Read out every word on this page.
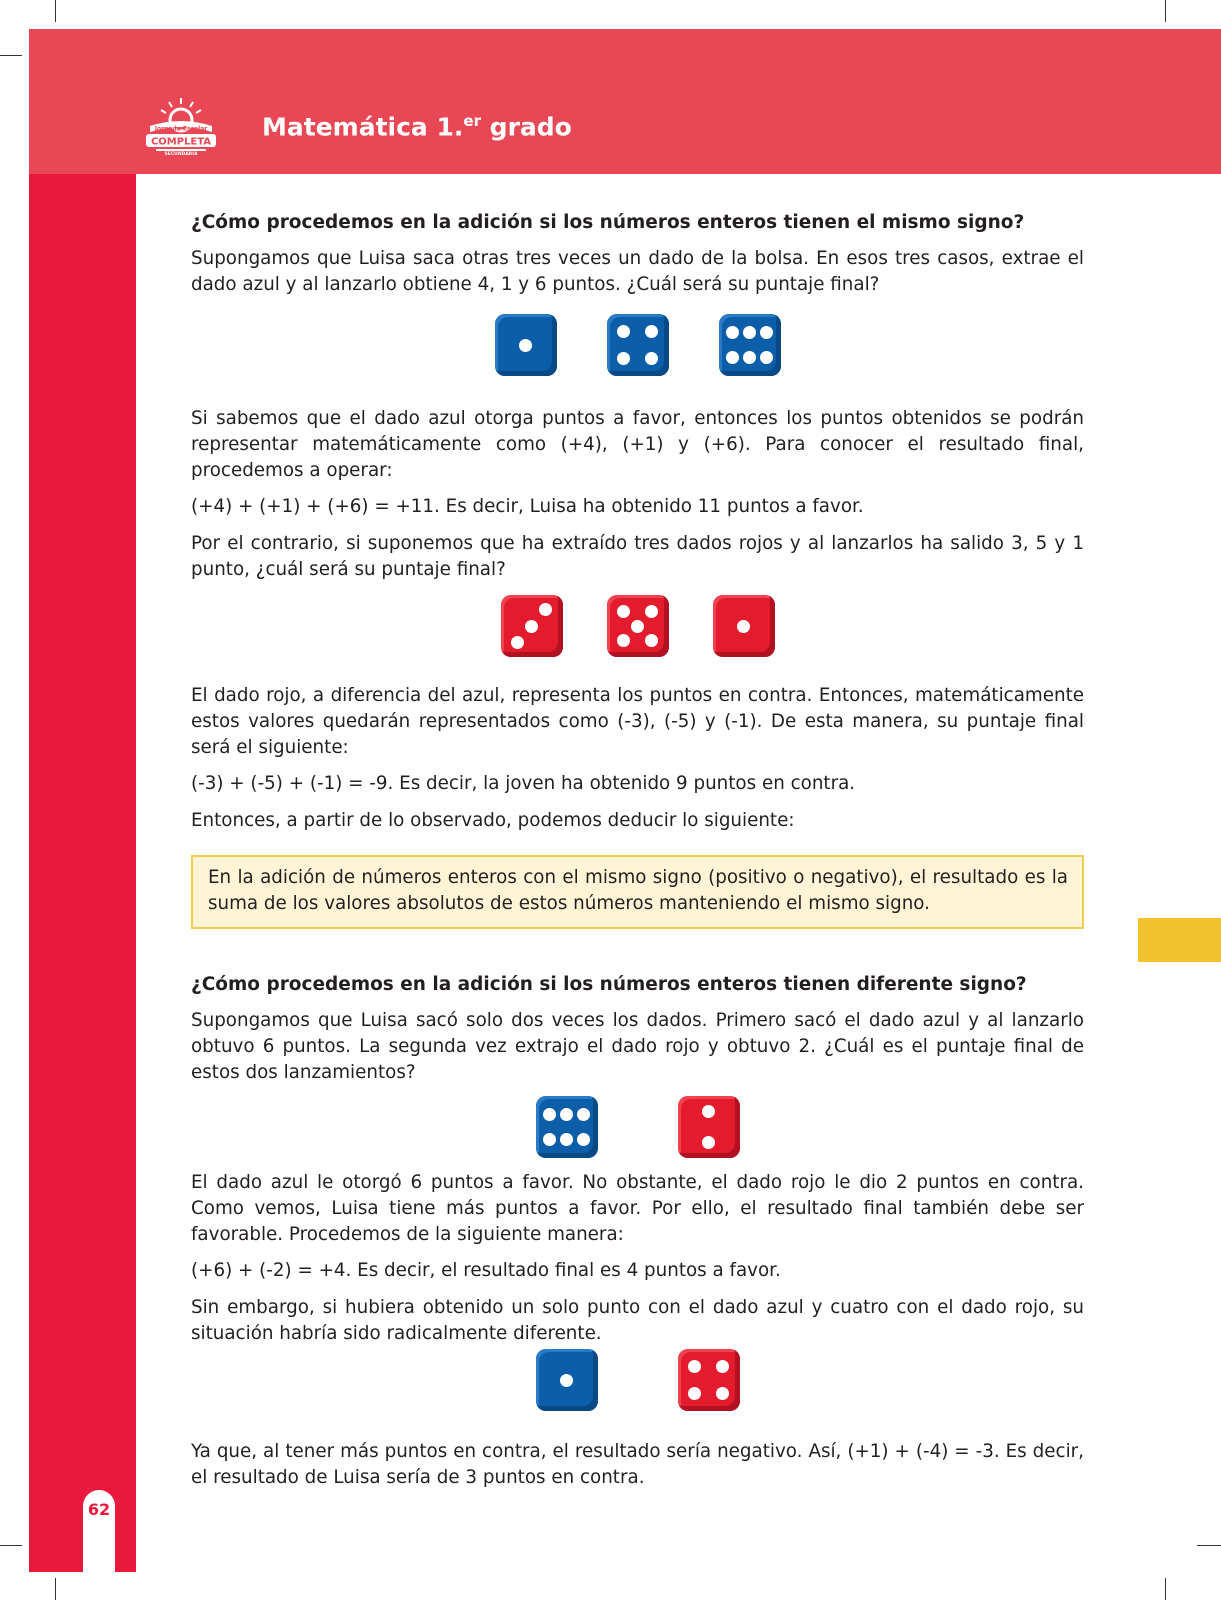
Jornada Escolar
COMPLETA
SECUNDARIA
Matemática 1.$^{er}$ grado
62
¿Cómo procedemos en la adición si los números enteros tienen el mismo signo?

Supongamos que Luisa saca otras tres veces un dado de la bolsa. En esos tres casos, extrae el dado azul y al lanzarlo obtiene 4, 1 y 6 puntos. ¿Cuál será su puntaje final?

Si sabemos que el dado azul otorga puntos a favor, entonces los puntos obtenidos se podrán representar matemáticamente como (+4), (+1) y (+6). Para conocer el resultado final, procedemos a operar:

(+4) + (+1) + (+6) = +11. Es decir, Luisa ha obtenido 11 puntos a favor.

Por el contrario, si suponemos que ha extraído tres dados rojos y al lanzarlos ha salido 3, 5 y 1 punto, ¿cuál será su puntaje final?

El dado rojo, a diferencia del azul, representa los puntos en contra. Entonces, matemáticamente estos valores quedarán representados como (-3), (-5) y (-1). De esta manera, su puntaje final será el siguiente:

(-3) + (-5) + (-1) = -9. Es decir, la joven ha obtenido 9 puntos en contra.

Entonces, a partir de lo observado, podemos deducir lo siguiente:

En la adición de números enteros con el mismo signo (positivo o negativo), el resultado es la suma de los valores absolutos de estos números manteniendo el mismo signo.

¿Cómo procedemos en la adición si los números enteros tienen diferente signo?

Supongamos que Luisa sacó solo dos veces los dados. Primero sacó el dado azul y al lanzarlo obtuvo 6 puntos. La segunda vez extrajo el dado rojo y obtuvo 2. ¿Cuál es el puntaje final de estos dos lanzamientos?

El dado azul le otorgó 6 puntos a favor. No obstante, el dado rojo le dio 2 puntos en contra. Como vemos, Luisa tiene más puntos a favor. Por ello, el resultado final también debe ser favorable. Procedemos de la siguiente manera:

(+6) + (-2) = +4. Es decir, el resultado final es 4 puntos a favor.

Sin embargo, si hubiera obtenido un solo punto con el dado azul y cuatro con el dado rojo, su situación habría sido radicalmente diferente.

Ya que, al tener más puntos en contra, el resultado sería negativo. Así, (+1) + (-4) = -3. Es decir, el resultado de Luisa sería de 3 puntos en contra.
